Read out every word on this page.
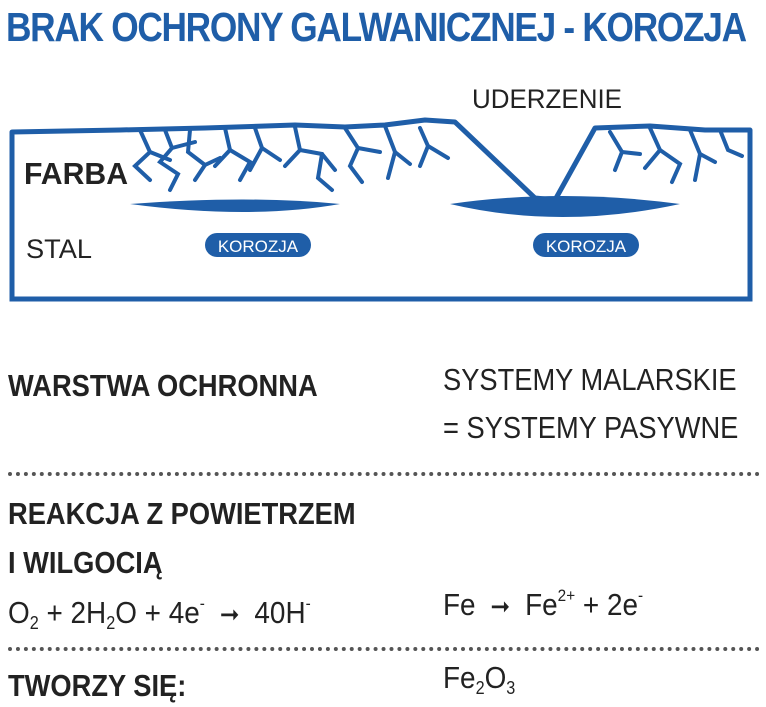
BRAK OCHRONY GALWANICZNEJ - KOROZJA
KOROZJA	KOROZJA
UDERZENIE
FARBA
STAL
WARSTWA OCHRONNA	SYSTEMY MALARSKIE
= SYSTEMY PASYWNE
REAKCJA Z POWIETRZEM
I WILGOCIĄ
$O_2 + 2H_2O + 4e^-$ ➞ 40H-	Fe ➞ $Fe^{2+} + 2e^-$
TWORZY SIĘ:	$Fe_2O_3$
